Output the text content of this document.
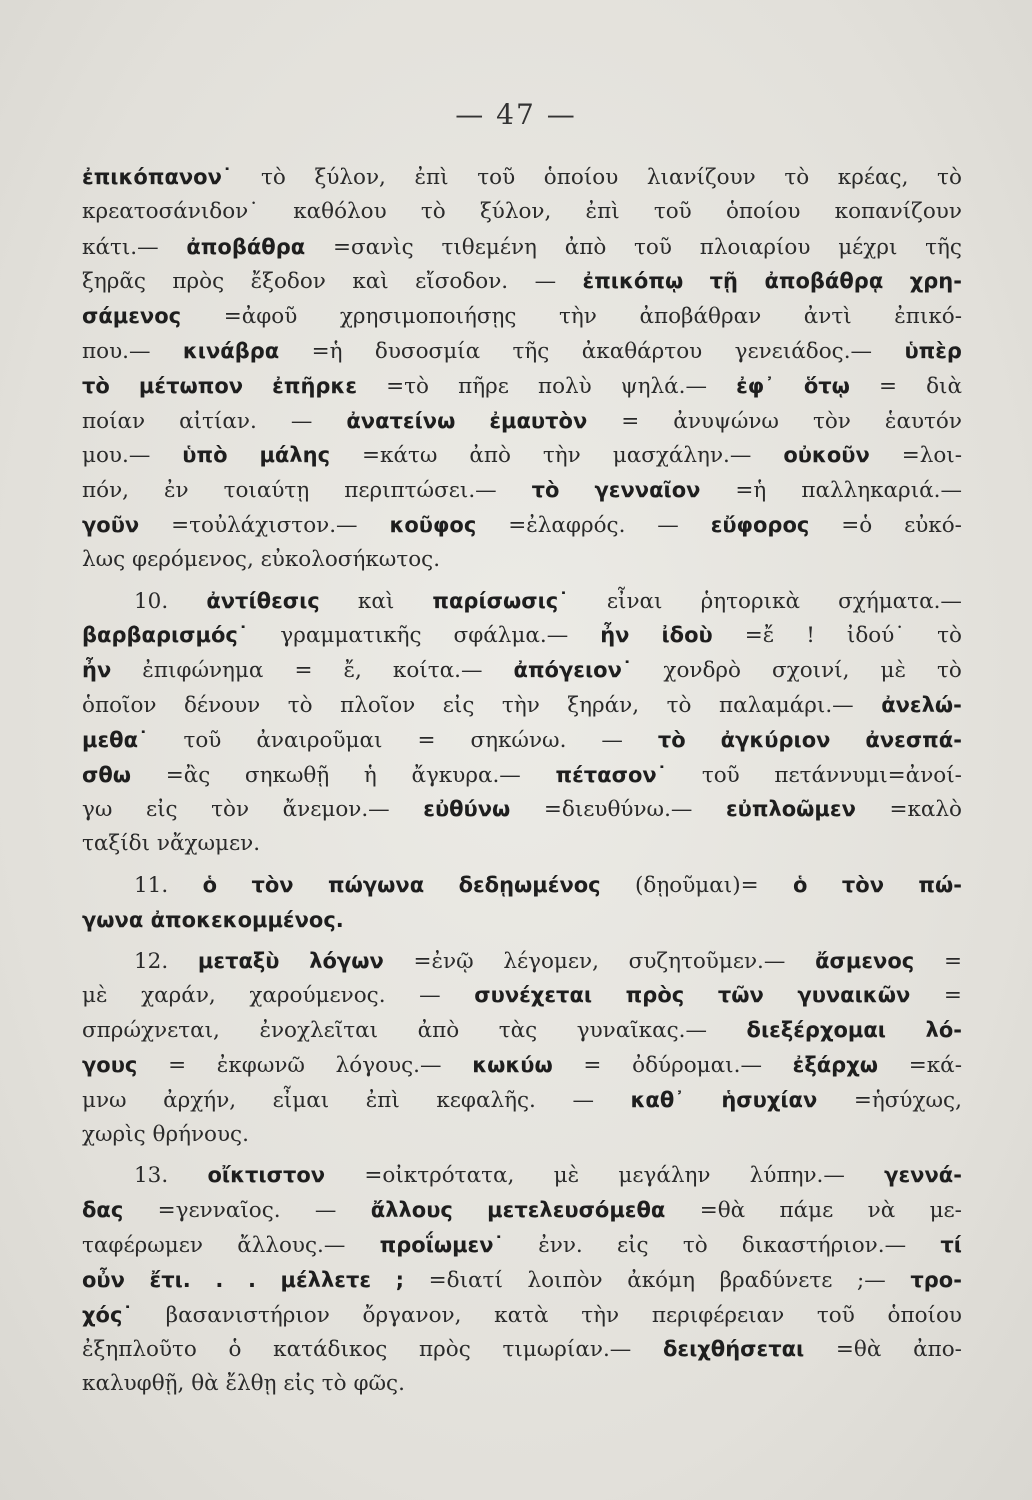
— 47 —
ἐπικόπανον˙ τὸ ξύλον, ἐπὶ τοῦ ὁποίου λιανίζουν τὸ κρέας, τὸ
κρεατοσάνιδον˙ καθόλου τὸ ξύλον, ἐπὶ τοῦ ὁποίου κοπανίζουν
κάτι.— ἀποβάθρα =σανὶς τιθεμένη ἀπὸ τοῦ πλοιαρίου μέχρι τῆς
ξηρᾶς πρὸς ἔξοδον καὶ εἴσοδον. — ἐπικόπῳ τῇ ἀποβάθρᾳ χρη-
σάμενος =ἀφοῦ χρησιμοποιήσῃς τὴν ἀποβάθραν ἀντὶ ἐπικό-
που.— κινάβρα =ἡ δυσοσμία τῆς ἀκαθάρτου γενειάδος.— ὑπὲρ
τὸ μέτωπον ἐπῆρκε =τὸ πῆρε πολὺ ψηλά.— ἐφ᾽ ὅτῳ = διὰ
ποίαν αἰτίαν. — ἀνατείνω ἐμαυτὸν = ἀνυψώνω τὸν ἑαυτόν
μου.— ὑπὸ μάλης =κάτω ἀπὸ τὴν μασχάλην.— οὐκοῦν =λοι-
πόν, ἐν τοιαύτῃ περιπτώσει.— τὸ γενναῖον =ἡ παλληκαριά.—
γοῦν =τοὐλάχιστον.— κοῦφος =ἐλαφρός. — εὔφορος =ὁ εὐκό-
λως φερόμενος, εὐκολοσήκωτος.
10. ἀντίθεσις καὶ παρίσωσις˙ εἶναι ῥητορικὰ σχήματα.—
βαρβαρισμός˙ γραμματικῆς σφάλμα.— ἦν ἰδοὺ =ἔ ! ἰδού˙ τὸ
ἦν ἐπιφώνημα = ἔ, κοίτα.— ἀπόγειον˙ χονδρὸ σχοινί, μὲ τὸ
ὁποῖον δένουν τὸ πλοῖον εἰς τὴν ξηράν, τὸ παλαμάρι.— ἀνελώ-
μεθα˙ τοῦ ἀναιροῦμαι = σηκώνω. — τὸ ἀγκύριον ἀνεσπά-
σθω =ἂς σηκωθῇ ἡ ἄγκυρα.— πέτασον˙ τοῦ πετάννυμι=ἀνοί-
γω εἰς τὸν ἄνεμον.— εὐθύνω =διευθύνω.— εὐπλοῶμεν =καλὸ
ταξίδι νἄχωμεν.
11. ὁ τὸν πώγωνα δεδῃωμένος (δῃοῦμαι)= ὁ τὸν πώ-
γωνα ἀποκεκομμένος.
12. μεταξὺ λόγων =ἐνῷ λέγομεν, συζητοῦμεν.— ἄσμενος =
μὲ χαράν, χαρούμενος. — συνέχεται πρὸς τῶν γυναικῶν =
σπρώχνεται, ἐνοχλεῖται ἀπὸ τὰς γυναῖκας.— διεξέρχομαι λό-
γους = ἐκφωνῶ λόγους.— κωκύω = ὀδύρομαι.— ἐξάρχω =κά-
μνω ἀρχήν, εἶμαι ἐπὶ κεφαλῆς. — καθ᾽ ἡσυχίαν =ἡσύχως,
χωρὶς θρήνους.
13. οἴκτιστον =οἰκτρότατα, μὲ μεγάλην λύπην.— γεννά-
δας =γενναῖος. — ἄλλους μετελευσόμεθα =θὰ πάμε νὰ με-
ταφέρωμεν ἄλλους.— προΐωμεν˙ ἐνν. εἰς τὸ δικαστήριον.— τί
οὖν ἔτι. . . μέλλετε ; =διατί λοιπὸν ἀκόμη βραδύνετε ;— τρο-
χός˙ βασανιστήριον ὄργανον, κατὰ τὴν περιφέρειαν τοῦ ὁποίου
ἐξηπλοῦτο ὁ κατάδικος πρὸς τιμωρίαν.— δειχθήσεται =θὰ ἀπο-
καλυφθῇ, θὰ ἔλθῃ εἰς τὸ φῶς.
